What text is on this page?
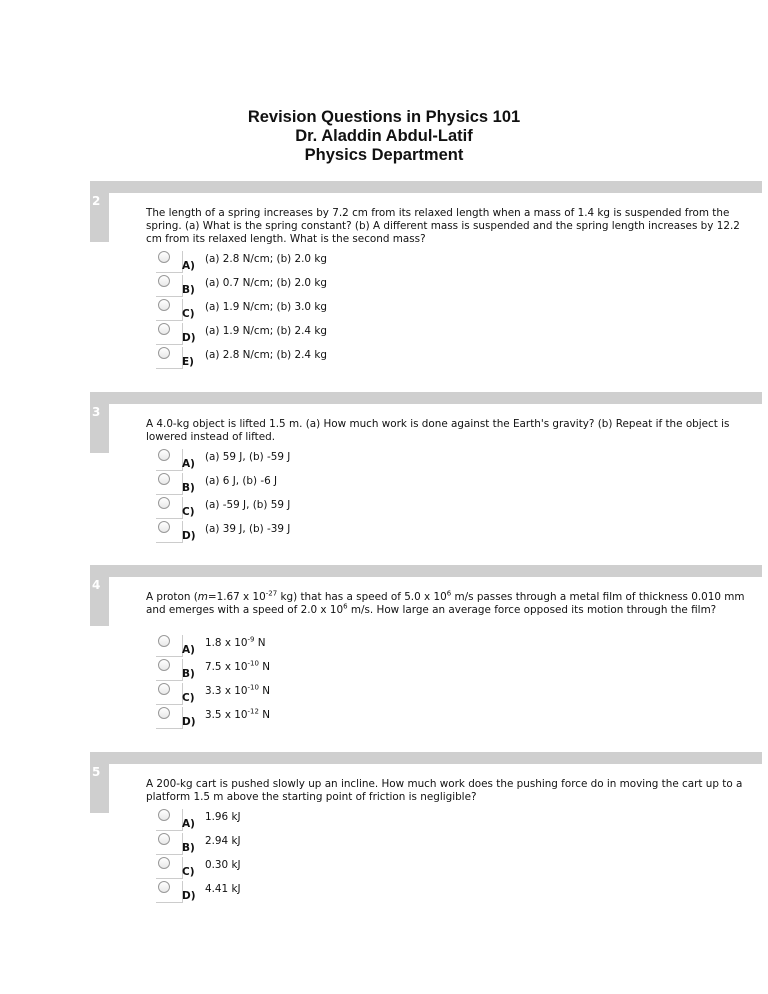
Revision Questions in Physics 101
Dr. Aladdin Abdul-Latif
Physics Department
2
The length of a spring increases by 7.2 cm from its relaxed length when a mass of 1.4 kg is suspended from the spring. (a) What is the spring constant? (b) A different mass is suspended and the spring length increases by 12.2 cm from its relaxed length. What is the second mass?
A)
(a) 2.8 N/cm; (b) 2.0 kg
B)
(a) 0.7 N/cm; (b) 2.0 kg
C)
(a) 1.9 N/cm; (b) 3.0 kg
D)
(a) 1.9 N/cm; (b) 2.4 kg
E)
(a) 2.8 N/cm; (b) 2.4 kg
3
A 4.0-kg object is lifted 1.5 m. (a) How much work is done against the Earth's gravity? (b) Repeat if the object is lowered instead of lifted.
A)
(a) 59 J, (b) -59 J
B)
(a) 6 J, (b) -6 J
C)
(a) -59 J, (b) 59 J
D)
(a) 39 J, (b) -39 J
4
A proton (m=1.67 x $10^{-27}$ kg) that has a speed of 5.0 x $10^6$ m/s passes through a metal film of thickness 0.010 mm and emerges with a speed of 2.0 x $10^6$ m/s. How large an average force opposed its motion through the film?
A)
1.8 x $10^{-9}$ N
B)
7.5 x $10^{-10}$ N
C)
3.3 x $10^{-10}$ N
D)
3.5 x $10^{-12}$ N
5
A 200-kg cart is pushed slowly up an incline. How much work does the pushing force do in moving the cart up to a platform 1.5 m above the starting point of friction is negligible?
A)
1.96 kJ
B)
2.94 kJ
C)
0.30 kJ
D)
4.41 kJ
